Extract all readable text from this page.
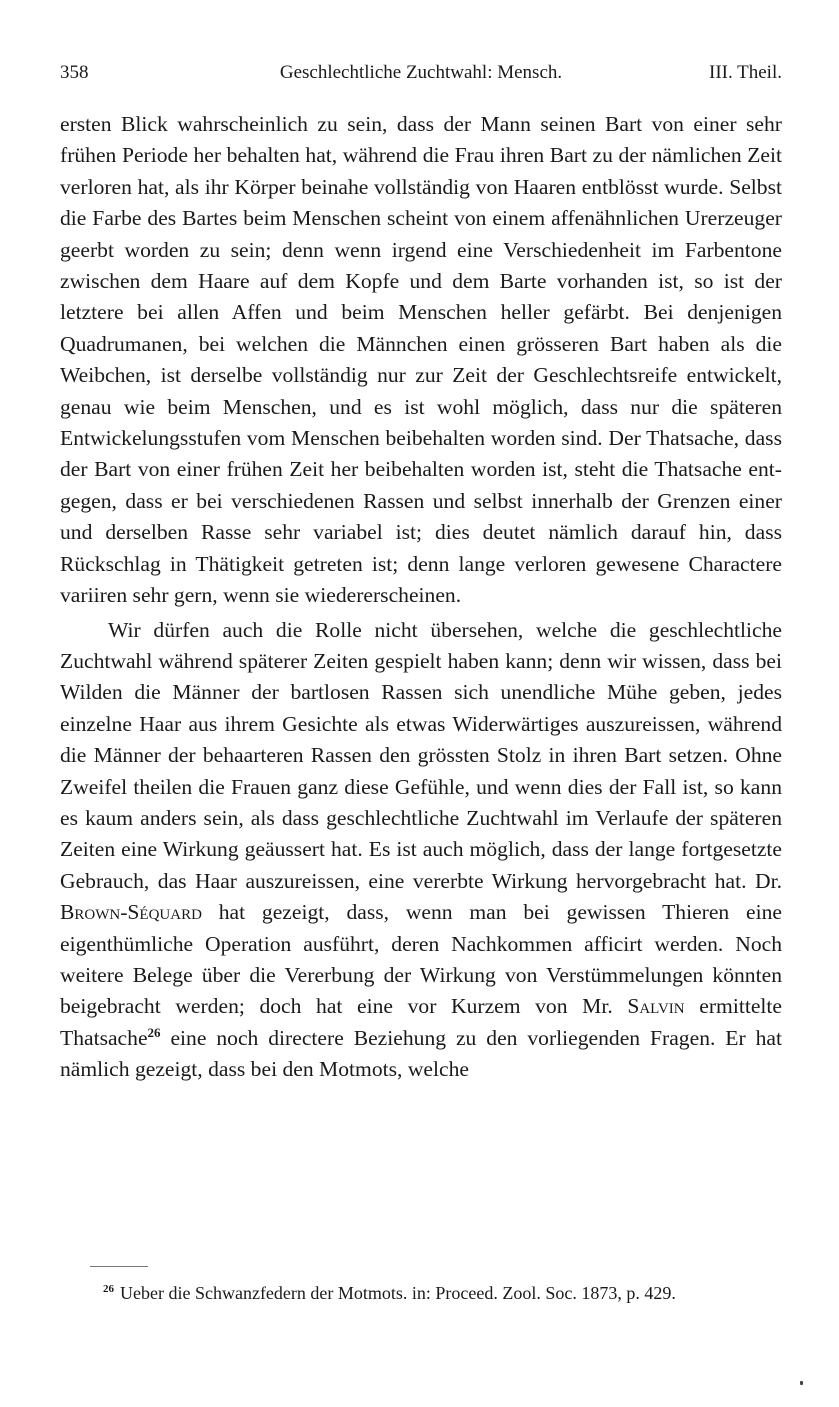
358	Geschlechtliche Zuchtwahl: Mensch.	III. Theil.

ersten Blick wahrscheinlich zu sein, dass der Mann seinen Bart von einer sehr frühen Periode her behalten hat, während die Frau ihren Bart zu der nämlichen Zeit verloren hat, als ihr Körper beinahe vollständig von Haaren entblösst wurde. Selbst die Farbe des Bartes beim Menschen scheint von einem affenähnlichen Urerzeuger geerbt worden zu sein; denn wenn irgend eine Verschiedenheit im Farbentone zwischen dem Haare auf dem Kopfe und dem Barte vorhanden ist, so ist der letztere bei allen Affen und beim Menschen heller gefärbt. Bei denjenigen Quadrumanen, bei welchen die Männchen einen grösseren Bart haben als die Weibchen, ist derselbe vollständig nur zur Zeit der Geschlechtsreife entwickelt, genau wie beim Menschen, und es ist wohl möglich, dass nur die späteren Entwickelungsstufen vom Menschen beibehalten worden sind. Der Thatsache, dass der Bart von einer frühen Zeit her beibehalten worden ist, steht die Thatsache entgegen, dass er bei verschiedenen Rassen und selbst innerhalb der Grenzen einer und derselben Rasse sehr variabel ist; dies deutet nämlich darauf hin, dass Rückschlag in Thätigkeit getreten ist; denn lange verloren gewesene Charactere variiren sehr gern, wenn sie wiedererscheinen.

Wir dürfen auch die Rolle nicht übersehen, welche die geschlechtliche Zuchtwahl während späterer Zeiten gespielt haben kann; denn wir wissen, dass bei Wilden die Männer der bartlosen Rassen sich unendliche Mühe geben, jedes einzelne Haar aus ihrem Gesichte als etwas Widerwärtiges auszureissen, während die Männer der behaarteren Rassen den grössten Stolz in ihren Bart setzen. Ohne Zweifel theilen die Frauen ganz diese Gefühle, und wenn dies der Fall ist, so kann es kaum anders sein, als dass geschlechtliche Zuchtwahl im Verlaufe der späteren Zeiten eine Wirkung geäussert hat. Es ist auch möglich, dass der lange fortgesetzte Gebrauch, das Haar auszureissen, eine vererbte Wirkung hervorgebracht hat. Dr. Brown-Séquard hat gezeigt, dass, wenn man bei gewissen Thieren eine eigenthümliche Operation ausführt, deren Nachkommen afficirt werden. Noch weitere Belege über die Vererbung der Wirkung von Verstümmelungen könnten beigebracht werden; doch hat eine vor Kurzem von Mr. Salvin ermittelte Thatsache$^{26}$ eine noch directere Beziehung zu den vorliegenden Fragen. Er hat nämlich gezeigt, dass bei den Motmots, welche

$^{26}$ Ueber die Schwanzfedern der Motmots. in: Proceed. Zool. Soc. 1873, p. 429.
